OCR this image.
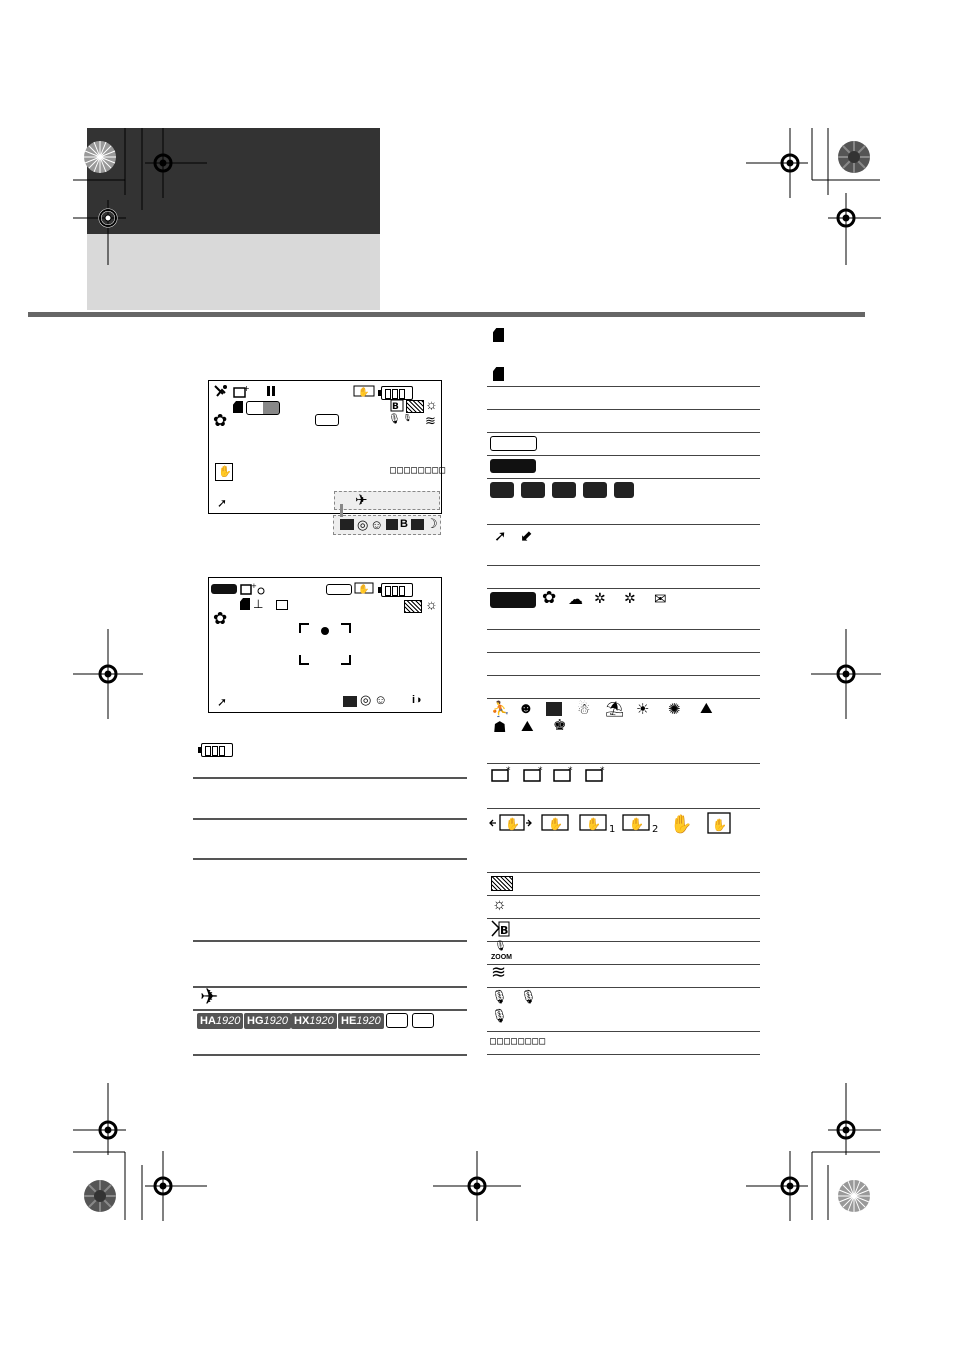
+	✋
B ☼
✿	🎙 🎙 ≋
✋	□□□□□□□□
➚	✈
◎ ☺ B ☽
+	✋
⊥	☼
✿
➚	◎ ☺ i◑
✈
HA1920 HG1920 HX1920 HE1920
➚ ⬋
✿ ☁ ✲ ✲ ✉
⛹ ☻	☃ ⛱ ☀ ✺ ⛰
☗ ⛰ ♚
*	*	*	*
✋ ✋ ✋ ✋ ✋ ✋
1	2
☼
B
🎙
ZOOM
≋
🎙 🎙
🎙
□□□□□□□□
